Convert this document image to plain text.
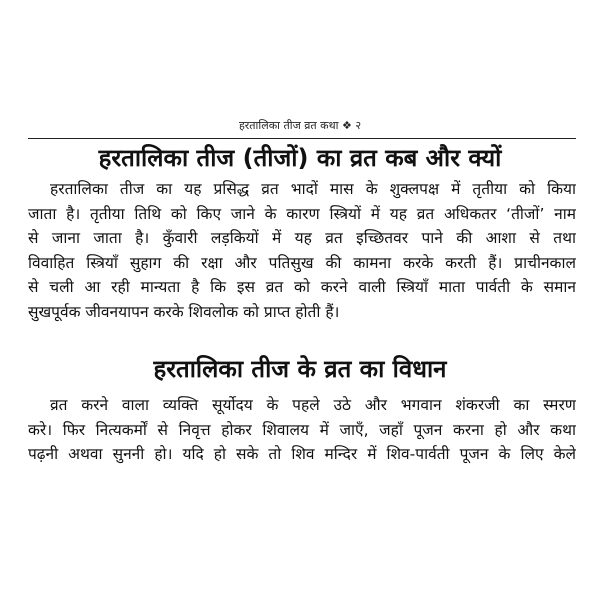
हरतालिका तीज व्रत कथा ❖ २
हरतालिका तीज (तीजों) का व्रत कब और क्यों
हरतालिका तीज का यह प्रसिद्ध व्रत भादों मास के शुक्लपक्ष में तृतीया को किया
जाता है। तृतीया तिथि को किए जाने के कारण स्त्रियों में यह व्रत अधिकतर ‘तीजों’ नाम
से जाना जाता है। कुँवारी लड़कियों में यह व्रत इच्छितवर पाने की आशा से तथा
विवाहित स्त्रियाँ सुहाग की रक्षा और पतिसुख की कामना करके करती हैं। प्राचीनकाल
से चली आ रही मान्यता है कि इस व्रत को करने वाली स्त्रियाँ माता पार्वती के समान
सुखपूर्वक जीवनयापन करके शिवलोक को प्राप्त होती हैं।
हरतालिका तीज के व्रत का विधान
व्रत करने वाला व्यक्ति सूर्योदय के पहले उठे और भगवान शंकरजी का स्मरण
करे। फिर नित्यकर्मों से निवृत्त होकर शिवालय में जाएँ, जहाँ पूजन करना हो और कथा
पढ़नी अथवा सुननी हो। यदि हो सके तो शिव मन्दिर में शिव-पार्वती पूजन के लिए केले
